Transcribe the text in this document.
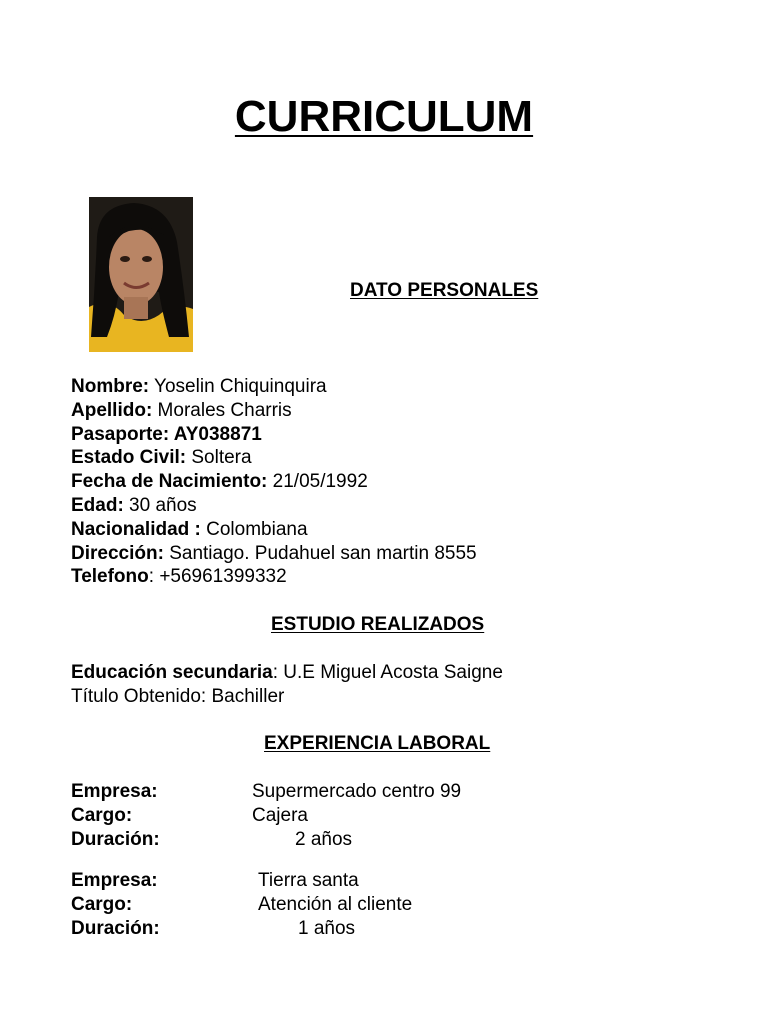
CURRICULUM
DATO PERSONALES
Nombre: Yoselin Chiquinquira
Apellido: Morales Charris
Pasaporte: AY038871
Estado Civil: Soltera
Fecha de Nacimiento: 21/05/1992
Edad: 30 años
Nacionalidad : Colombiana
Dirección: Santiago. Pudahuel san martin 8555
Telefono: +56961399332
ESTUDIO REALIZADOS
Educación secundaria: U.E Miguel Acosta Saigne
Título Obtenido: Bachiller
EXPERIENCIA LABORAL
Empresa:	Supermercado centro 99
Cargo:	Cajera
Duración:	2 años
Empresa:	Tierra santa
Cargo:	Atención al cliente
Duración:	1 años
